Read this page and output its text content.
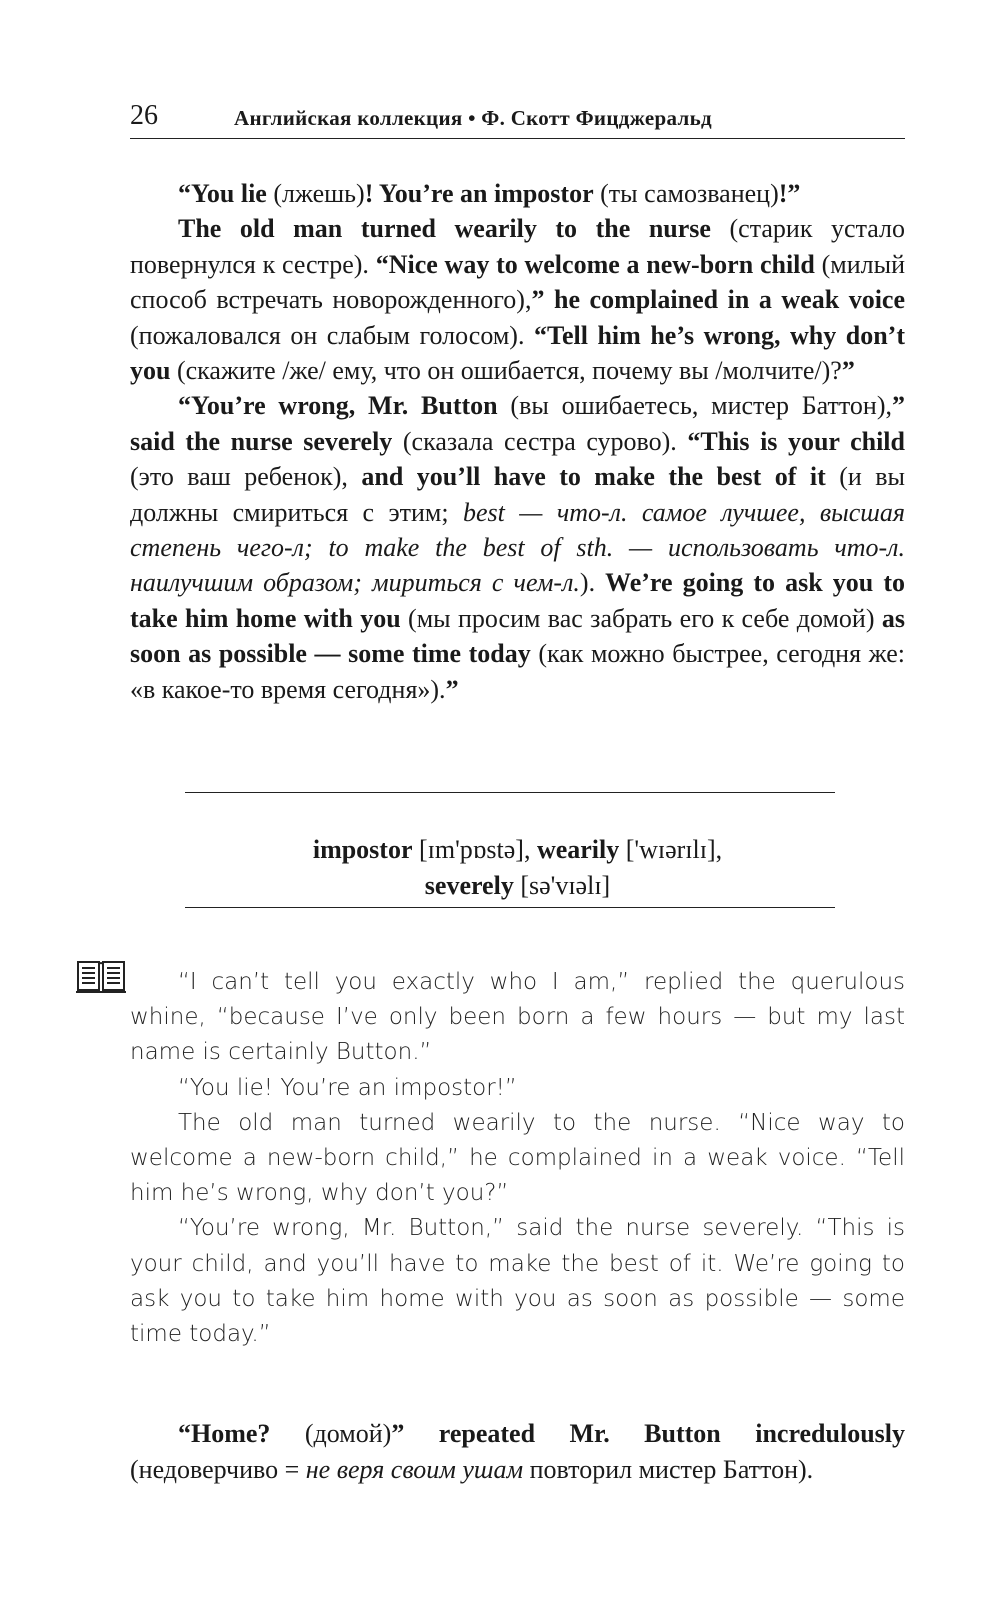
26	Английская коллекция • Ф. Скотт Фицджеральд

“You lie (лжешь)! You’re an impostor (ты самозванец)!”

The old man turned wearily to the nurse (старик устало повернулся к сестре). “Nice way to welcome a new-born child (милый способ встречать новорожденного),” he complained in a weak voice (пожаловался он слабым голосом). “Tell him he’s wrong, why don’t you (скажите /же/ ему, что он ошибается, почему вы /молчите/)?”

“You’re wrong, Mr. Button (вы ошибаетесь, мистер Баттон),” said the nurse severely (сказала сестра сурово). “This is your child (это ваш ребенок), and you’ll have to make the best of it (и вы должны смириться с этим; best — что-л. самое лучшее, высшая степень чего-л; to make the best of sth. — использовать что-л. наилучшим образом; мириться с чем-л.). We’re going to ask you to take him home with you (мы просим вас забрать его к себе домой) as soon as possible — some time today (как можно быстрее, сегодня же: «в какое-то время сегодня»).”

impostor [ɪm'pɒstə], wearily ['wɪərɪlɪ],
severely [sə'vɪəlɪ]

“I can’t tell you exactly who I am,” replied the querulous whine, “because I’ve only been born a few hours — but my last name is certainly Button.”

“You lie! You’re an impostor!”

The old man turned wearily to the nurse. “Nice way to welcome a new-born child,” he complained in a weak voice. “Tell him he’s wrong, why don’t you?”

“You’re wrong, Mr. Button,” said the nurse severely. “This is your child, and you’ll have to make the best of it. We’re going to ask you to take him home with you as soon as possible — some time today.”

“Home? (домой)” repeated Mr. Button incredulously (недоверчиво = не веря своим ушам повторил мистер Баттон).
